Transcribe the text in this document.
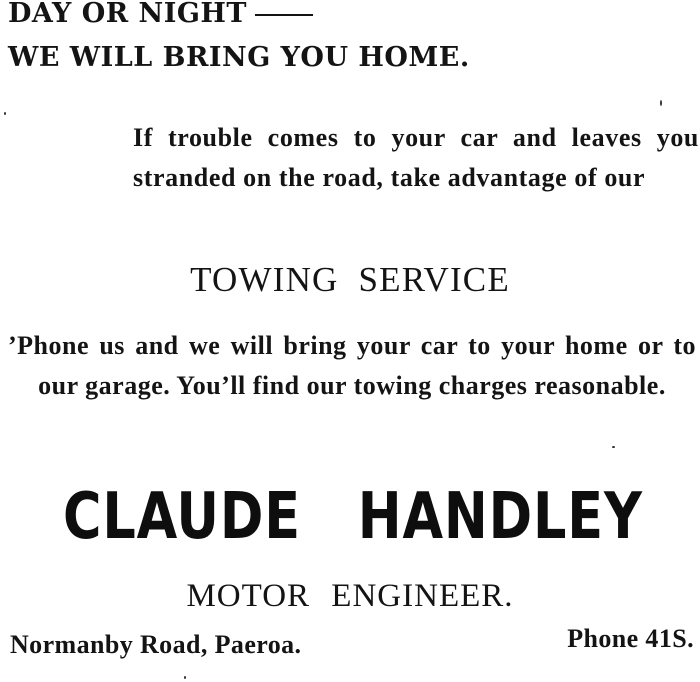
DAY OR NIGHT
WE WILL BRING YOU HOME.
If trouble comes to your car and leaves you stranded on the road, take advantage of our
TOWING SERVICE
’Phone us and we will bring your car to your home or to our garage. You’ll find our towing charges reasonable.
CLAUDE HANDLEY
MOTOR ENGINEER.
Normanby Road, Paeroa.	Phone 41S.
